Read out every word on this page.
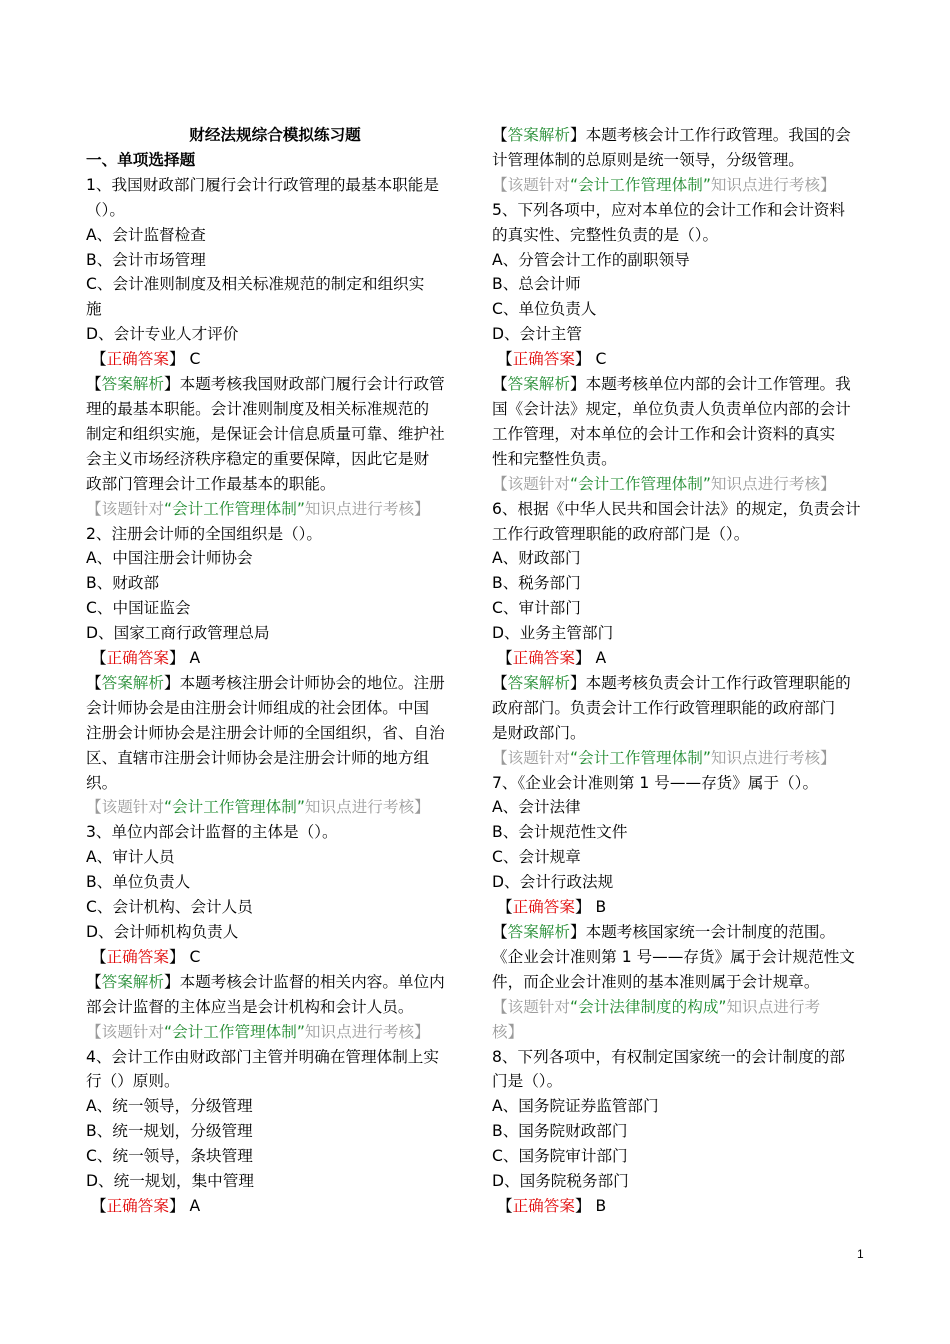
财经法规综合模拟练习题

一、单项选择题

1、我国财政部门履行会计行政管理的最基本职能是

（）。

A、会计监督检查

B、会计市场管理

C、会计准则制度及相关标准规范的制定和组织实

施

D、会计专业人才评价

【正确答案】 C

【答案解析】本题考核我国财政部门履行会计行政管

理的最基本职能。会计准则制度及相关标准规范的

制定和组织实施，是保证会计信息质量可靠、维护社

会主义市场经济秩序稳定的重要保障，因此它是财

政部门管理会计工作最基本的职能。

【该题针对“会计工作管理体制”知识点进行考核】

2、注册会计师的全国组织是（）。

A、中国注册会计师协会

B、财政部

C、中国证监会

D、国家工商行政管理总局

【正确答案】 A

【答案解析】本题考核注册会计师协会的地位。注册

会计师协会是由注册会计师组成的社会团体。中国

注册会计师协会是注册会计师的全国组织，省、自治

区、直辖市注册会计师协会是注册会计师的地方组

织。

【该题针对“会计工作管理体制”知识点进行考核】

3、单位内部会计监督的主体是（）。

A、审计人员

B、单位负责人

C、会计机构、会计人员

D、会计师机构负责人

【正确答案】 C

【答案解析】本题考核会计监督的相关内容。单位内

部会计监督的主体应当是会计机构和会计人员。

【该题针对“会计工作管理体制”知识点进行考核】

4、会计工作由财政部门主管并明确在管理体制上实

行（）原则。

A、统一领导，分级管理

B、统一规划，分级管理

C、统一领导，条块管理

D、统一规划，集中管理

【正确答案】 A

【答案解析】本题考核会计工作行政管理。我国的会

计管理体制的总原则是统一领导，分级管理。

【该题针对“会计工作管理体制”知识点进行考核】

5、下列各项中，应对本单位的会计工作和会计资料

的真实性、完整性负责的是（）。

A、分管会计工作的副职领导

B、总会计师

C、单位负责人

D、会计主管

【正确答案】 C

【答案解析】本题考核单位内部的会计工作管理。我

国《会计法》规定，单位负责人负责单位内部的会计

工作管理，对本单位的会计工作和会计资料的真实

性和完整性负责。

【该题针对“会计工作管理体制”知识点进行考核】

6、根据《中华人民共和国会计法》的规定，负责会计

工作行政管理职能的政府部门是（）。

A、财政部门

B、税务部门

C、审计部门

D、业务主管部门

【正确答案】 A

【答案解析】本题考核负责会计工作行政管理职能的

政府部门。负责会计工作行政管理职能的政府部门

是财政部门。

【该题针对“会计工作管理体制”知识点进行考核】

7、《企业会计准则第 1 号——存货》属于（）。

A、会计法律

B、会计规范性文件

C、会计规章

D、会计行政法规

【正确答案】 B

【答案解析】本题考核国家统一会计制度的范围。

《企业会计准则第 1 号——存货》属于会计规范性文

件，而企业会计准则的基本准则属于会计规章。

【该题针对“会计法律制度的构成”知识点进行考

核】

8、下列各项中，有权制定国家统一的会计制度的部

门是（）。

A、国务院证券监管部门

B、国务院财政部门

C、国务院审计部门

D、国务院税务部门

【正确答案】 B

1
